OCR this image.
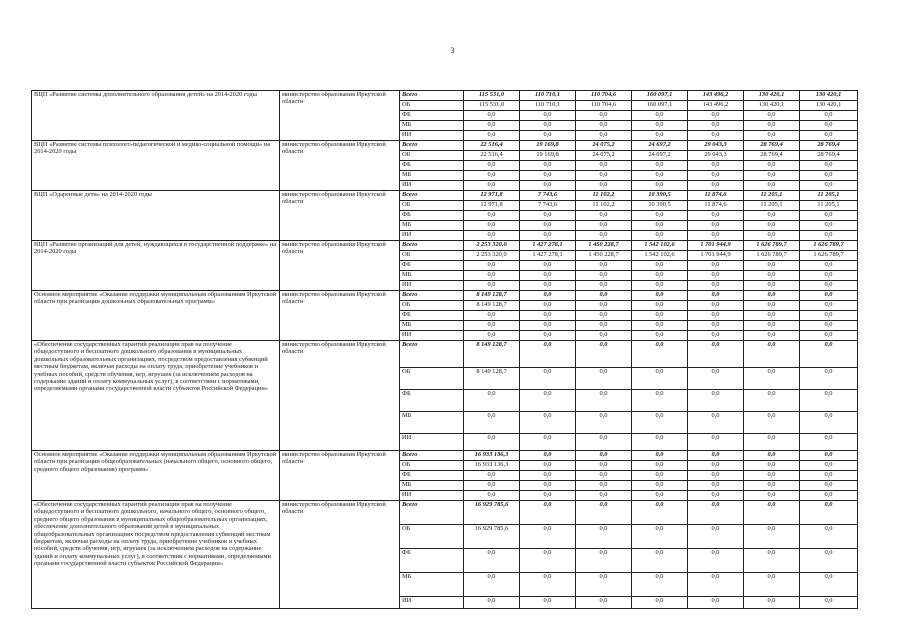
3
ВЦП «Развитие системы дополнительного образования детей» на 2014-2020 годы	министерство образования Иркутской области	Всего	115 531,0	110 710,1	110 704,6	160 097,1	143 496,2	130 420,1	130 420,1
		ОБ	115 531,0	110 710,1	110 704,6	160 097,1	143 496,2	130 420,1	130 420,1
		ФБ	0,0	0,0	0,0	0,0	0,0	0,0	0,0
		МБ	0,0	0,0	0,0	0,0	0,0	0,0	0,0
		ИИ	0,0	0,0	0,0	0,0	0,0	0,0	0,0
ВЦП «Развитие системы психолого-педагогической и медико-социальной помощи» на 2014-2020 годы	министерство образования Иркутской области	Всего	22 516,4	19 169,8	24 075,2	24 697,2	29 043,3	28 769,4	28 769,4
		ОБ	22 516,4	19 169,8	24 075,2	24 697,2	29 043,3	28 769,4	28 769,4
		ФБ	0,0	0,0	0,0	0,0	0,0	0,0	0,0
		МБ	0,0	0,0	0,0	0,0	0,0	0,0	0,0
		ИИ	0,0	0,0	0,0	0,0	0,0	0,0	0,0
ВЦП «Одаренные дети» на 2014-2020 годы	министерство образования Иркутской области	Всего	12 971,8	7 743,6	11 102,2	10 390,5	11 874,6	11 205,1	11 205,1
		ОБ	12 971,8	7 743,6	11 102,2	10 390,5	11 874,6	11 205,1	11 205,1
		ФБ	0,0	0,0	0,0	0,0	0,0	0,0	0,0
		МБ	0,0	0,0	0,0	0,0	0,0	0,0	0,0
		ИИ	0,0	0,0	0,0	0,0	0,0	0,0	0,0
ВЦП «Развитие организаций для детей, нуждающихся в государственной поддержке» на 2014-2020 годы	министерство образования Иркутской области	Всего	2 253 320,0	1 427 278,1	1 450 228,7	1 542 102,6	1 701 944,9	1 626 789,7	1 626 789,7
		ОБ	2 253 320,0	1 427 278,1	1 450 228,7	1 542 102,6	1 701 944,9	1 626 789,7	1 626 789,7
		ФБ	0,0	0,0	0,0	0,0	0,0	0,0	0,0
		МБ	0,0	0,0	0,0	0,0	0,0	0,0	0,0
		ИИ	0,0	0,0	0,0	0,0	0,0	0,0	0,0
Основное мероприятие «Оказание поддержки муниципальным образованиям Иркутской области при реализации дошкольных образовательных программ»	министерство образования Иркутской области	Всего	8 149 128,7	0,0	0,0	0,0	0,0	0,0	0,0
		ОБ	8 149 128,7	0,0	0,0	0,0	0,0	0,0	0,0
		ФБ	0,0	0,0	0,0	0,0	0,0	0,0	0,0
		МБ	0,0	0,0	0,0	0,0	0,0	0,0	0,0
		ИИ	0,0	0,0	0,0	0,0	0,0	0,0	0,0
«Обеспечение государственных гарантий реализации прав на получение общедоступного и бесплатного дошкольного образования в муниципальных дошкольных образовательных организациях, посредством предоставления субвенций местным бюджетам, включая расходы на оплату труда, приобретение учебников и учебных пособий, средств обучения, игр, игрушек (за исключением расходов на содержание зданий и оплату коммунальных услуг), в соответствии с нормативами, определяемыми органами государственной власти субъектов Российской Федерации»	министерство образования Иркутской области	Всего	8 149 128,7	0,0	0,0	0,0	0,0	0,0	0,0
		ОБ	8 149 128,7	0,0	0,0	0,0	0,0	0,0	0,0
		ФБ	0,0	0,0	0,0	0,0	0,0	0,0	0,0
		МБ	0,0	0,0	0,0	0,0	0,0	0,0	0,0
		ИИ	0,0	0,0	0,0	0,0	0,0	0,0	0,0
Основное мероприятие «Оказание поддержки муниципальным образованиям Иркутской области при реализации общеобразовательных (начального общего, основного общего, среднего общего образования) программ»	министерство образования Иркутской области	Всего	16 933 136,3	0,0	0,0	0,0	0,0	0,0	0,0
		ОБ	16 933 136,3	0,0	0,0	0,0	0,0	0,0	0,0
		ФБ	0,0	0,0	0,0	0,0	0,0	0,0	0,0
		МБ	0,0	0,0	0,0	0,0	0,0	0,0	0,0
		ИИ	0,0	0,0	0,0	0,0	0,0	0,0	0,0
«Обеспечение государственных гарантий реализации прав на получение общедоступного и бесплатного дошкольного, начального общего, основного общего, среднего общего образования в муниципальных общеобразовательных организациях, обеспечение дополнительного образования детей в муниципальных общеобразовательных организациях посредством предоставления субвенций местным бюджетам, включая расходы на оплату труда, приобретение учебников и учебных пособий, средств обучения, игр, игрушек (за исключением расходов на содержание зданий и оплату коммунальных услуг), в соответствии с нормативами, определяемыми органами государственной власти субъектов Российской Федерации»	министерство образования Иркутской области	Всего	16 929 785,6	0,0	0,0	0,0	0,0	0,0	0,0
		ОБ	16 929 785,6	0,0	0,0	0,0	0,0	0,0	0,0
		ФБ	0,0	0,0	0,0	0,0	0,0	0,0	0,0
		МБ	0,0	0,0	0,0	0,0	0,0	0,0	0,0
		ИИ	0,0	0,0	0,0	0,0	0,0	0,0	0,0
